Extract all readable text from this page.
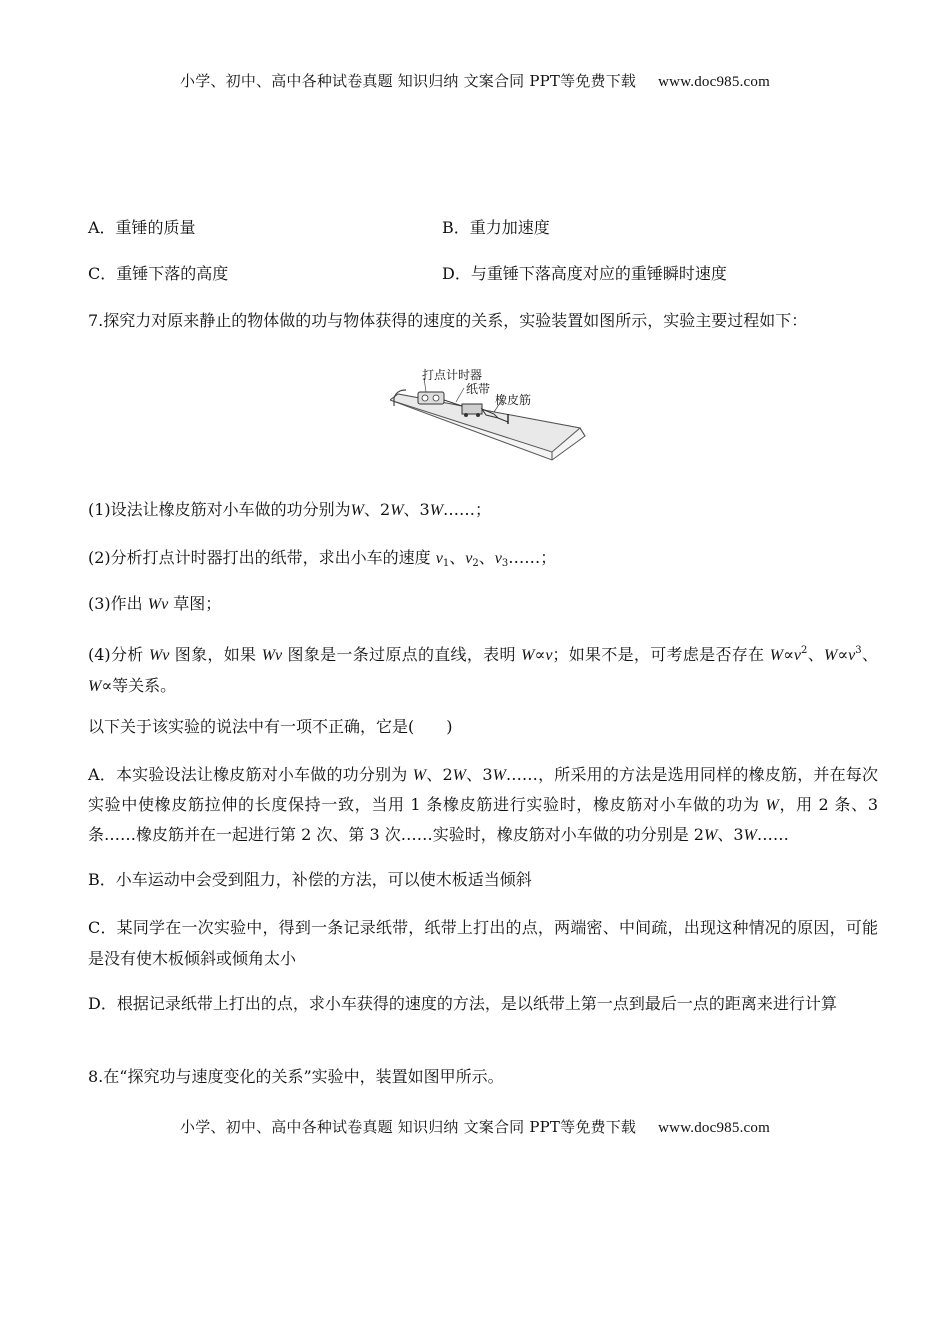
小学、初中、高中各种试卷真题 知识归纳 文案合同 PPT等免费下载 www.doc985.com
A．重锤的质量	B．重力加速度
C．重锤下落的高度	D．与重锤下落高度对应的重锤瞬时速度
7.探究力对原来静止的物体做的功与物体获得的速度的关系，实验装置如图所示，实验主要过程如下：
(1)设法让橡皮筋对小车做的功分别为W、2W、3W……；
(2)分析打点计时器打出的纸带，求出小车的速度 $v_1$、$v_2$、$v_3\dots\dots$；
(3)作出 Wv 草图；
(4)分析 Wv 图象，如果 Wv 图象是一条过原点的直线，表明 W∝v；如果不是，可考虑是否存在 $W\propto v^2$、$W\propto v^3$、W∝等关系。
以下关于该实验的说法中有一项不正确，它是(　　)
A．本实验设法让橡皮筋对小车做的功分别为 W、2W、3W……，所采用的方法是选用同样的橡皮筋，并在每次实验中使橡皮筋拉伸的长度保持一致，当用 1 条橡皮筋进行实验时，橡皮筋对小车做的功为 W，用 2 条、3 条……橡皮筋并在一起进行第 2 次、第 3 次……实验时，橡皮筋对小车做的功分别是 2W、3W……
B．小车运动中会受到阻力，补偿的方法，可以使木板适当倾斜
C．某同学在一次实验中，得到一条记录纸带，纸带上打出的点，两端密、中间疏，出现这种情况的原因，可能是没有使木板倾斜或倾角太小
D．根据记录纸带上打出的点，求小车获得的速度的方法，是以纸带上第一点到最后一点的距离来进行计算
8.在“探究功与速度变化的关系”实验中，装置如图甲所示。
打点计时器
纸带
橡皮筋
小学、初中、高中各种试卷真题 知识归纳 文案合同 PPT等免费下载 www.doc985.com
